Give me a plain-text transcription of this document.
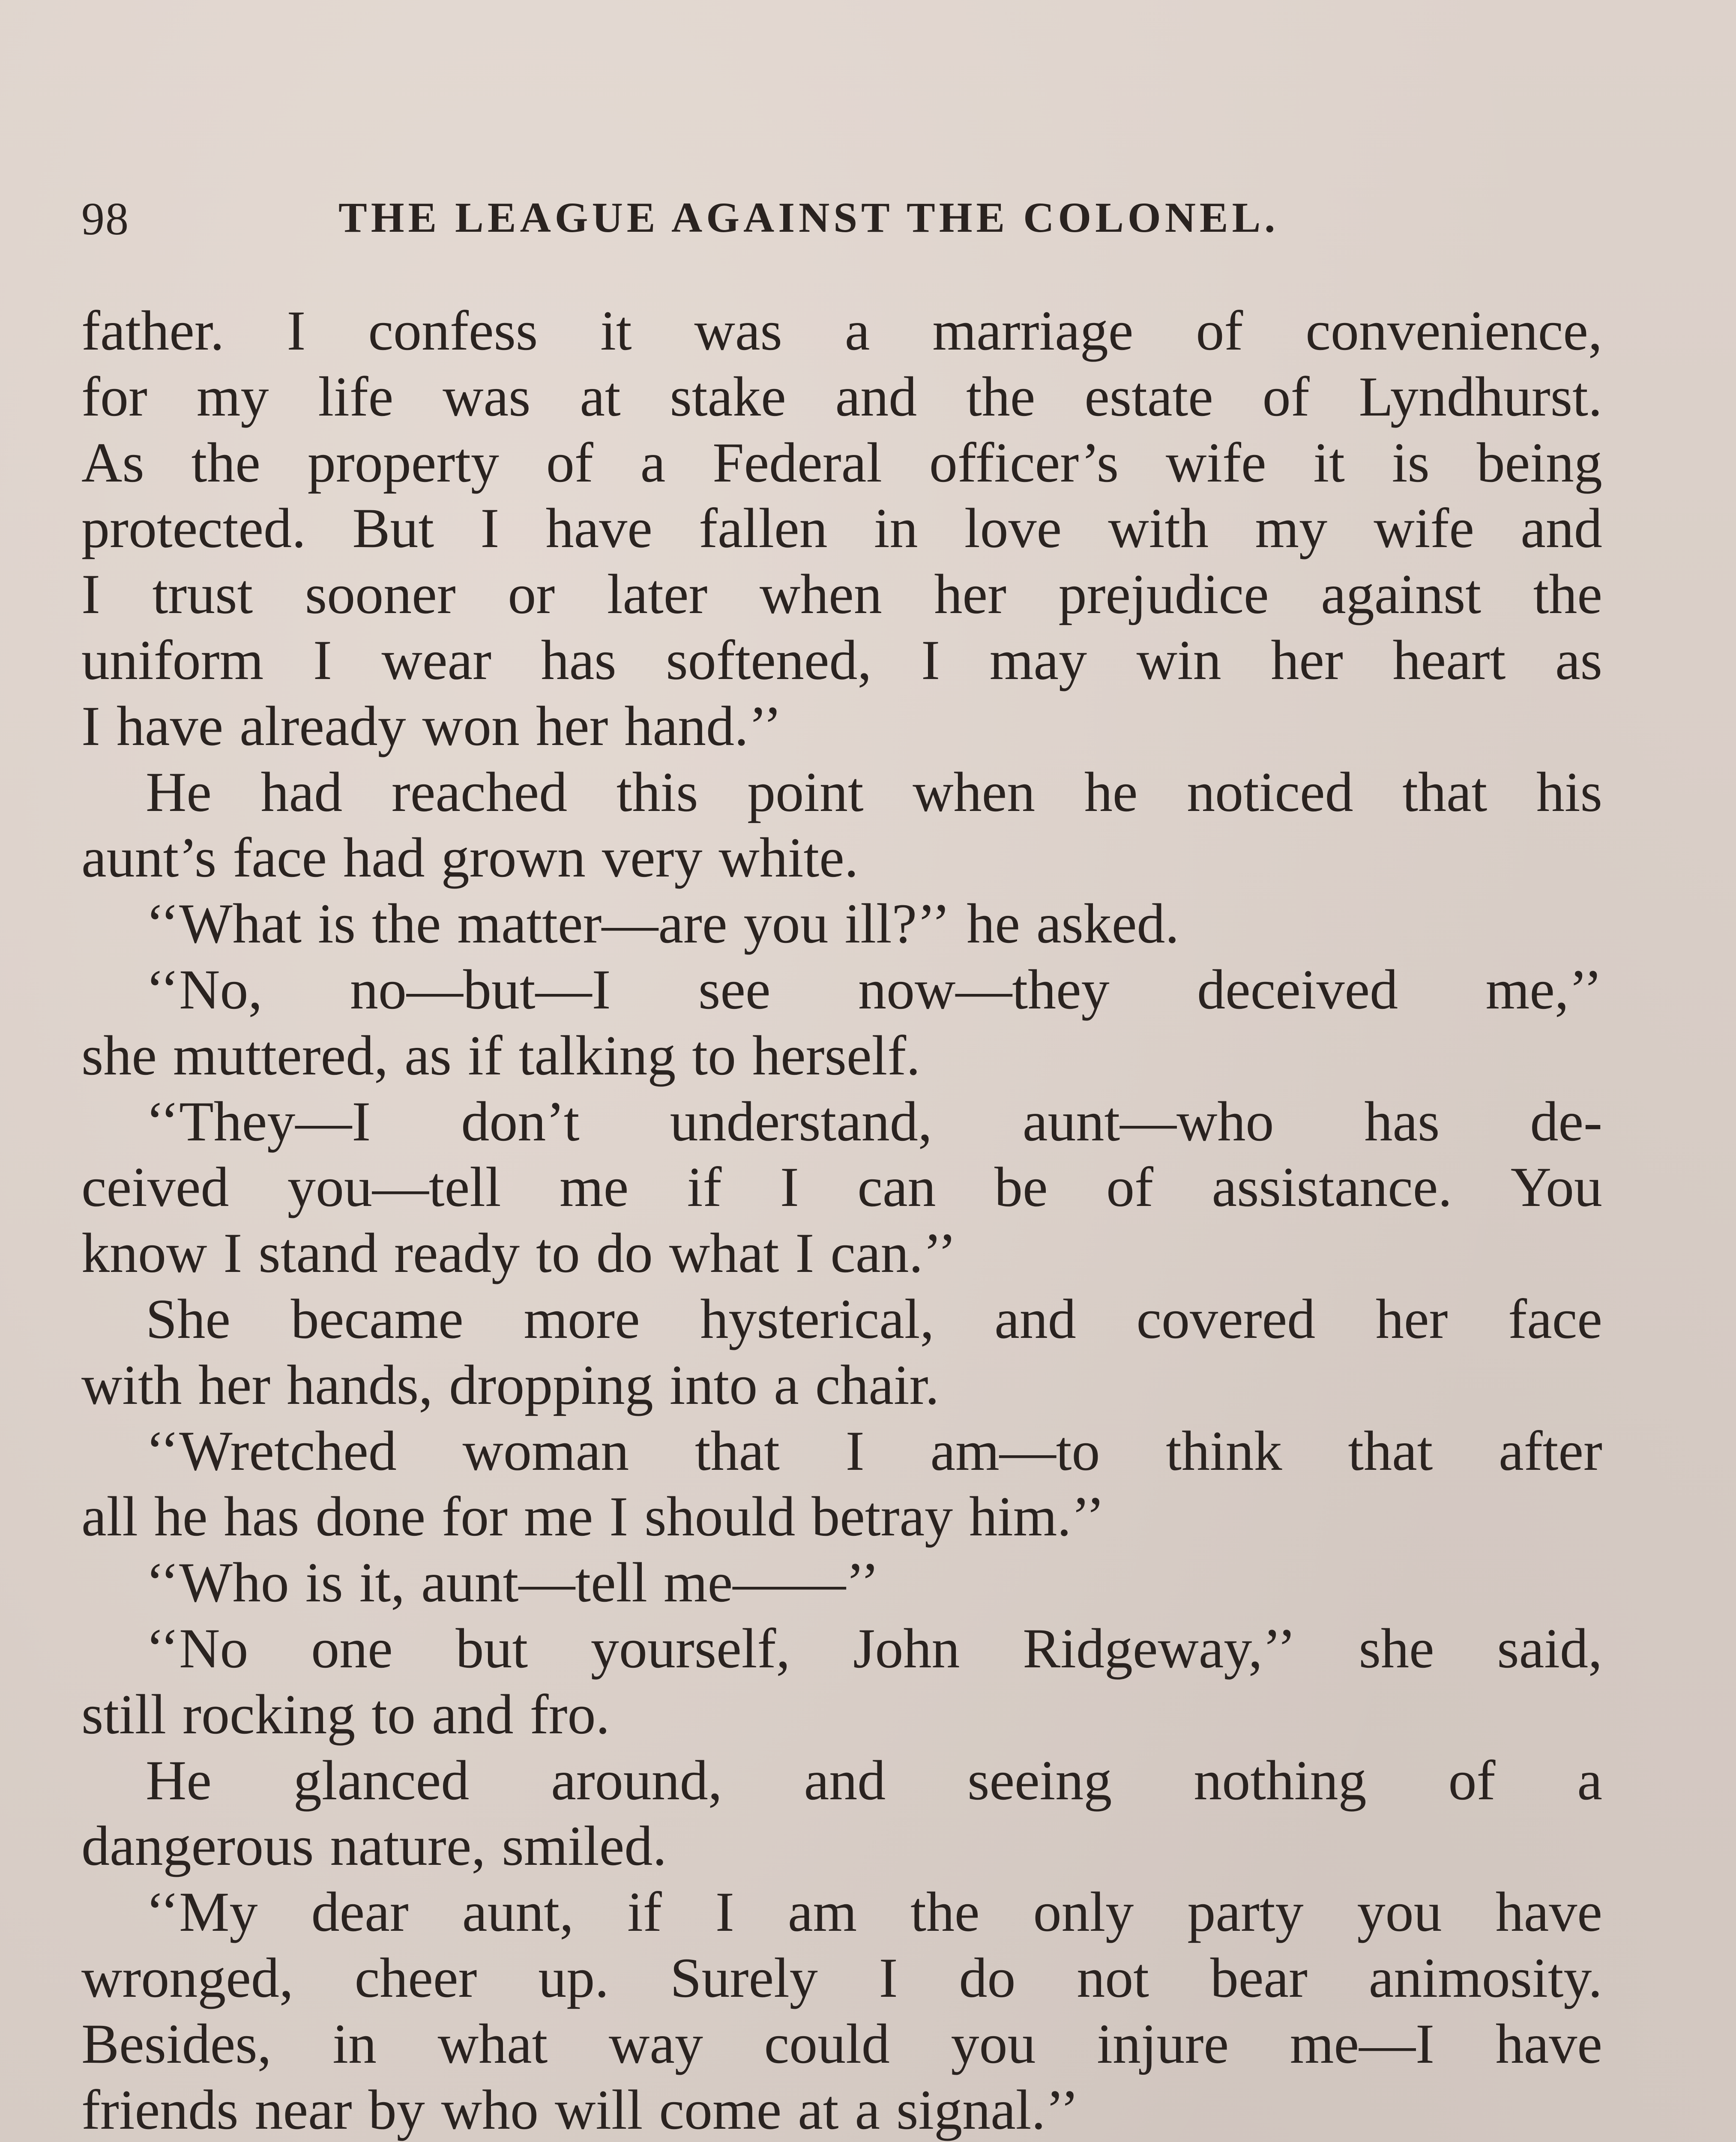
98	THE LEAGUE AGAINST THE COLONEL.
father. I confess it was a marriage of convenience,
for my life was at stake and the estate of Lyndhurst.
As the property of a Federal officer’s wife it is being
protected. But I have fallen in love with my wife and
I trust sooner or later when her prejudice against the
uniform I wear has softened, I may win her heart as
I have already won her hand.’’
He had reached this point when he noticed that his
aunt’s face had grown very white.
‘‘What is the matter—are you ill?’’ he asked.
‘‘No, no—but—I see now—they deceived me,’’
she muttered, as if talking to herself.
‘‘They—I don’t understand, aunt—who has de-
ceived you—tell me if I can be of assistance. You
know I stand ready to do what I can.’’
She became more hysterical, and covered her face
with her hands, dropping into a chair.
‘‘Wretched woman that I am—to think that after
all he has done for me I should betray him.’’
‘‘Who is it, aunt—tell me——’’
‘‘No one but yourself, John Ridgeway,’’ she said,
still rocking to and fro.
He glanced around, and seeing nothing of a
dangerous nature, smiled.
‘‘My dear aunt, if I am the only party you have
wronged, cheer up. Surely I do not bear animosity.
Besides, in what way could you injure me—I have
friends near by who will come at a signal.’’
